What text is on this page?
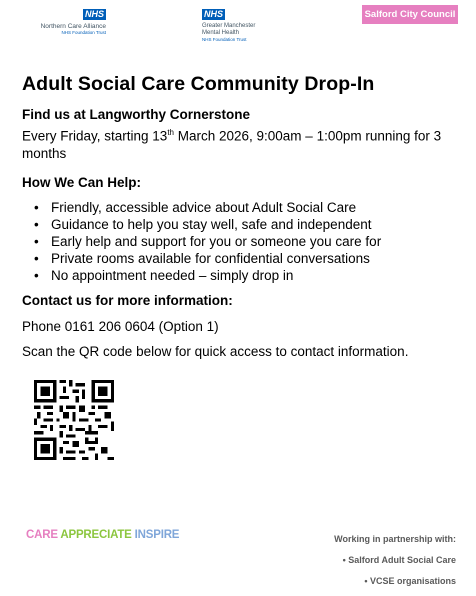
NHS
Northern Care Alliance
NHS Foundation Trust
NHS
Greater Manchester
Mental Health
NHS Foundation Trust
Salford City Council
Adult Social Care Community Drop-In

Find us at Langworthy Cornerstone

Every Friday, starting 13th March 2026, 9:00am – 1:00pm running for 3 months

How We Can Help:

• Friendly, accessible advice about Adult Social Care
• Guidance to help you stay well, safe and independent
• Early help and support for you or someone you care for
• Private rooms available for confidential conversations
• No appointment needed – simply drop in

Contact us for more information:

Phone 0161 206 0604 (Option 1)

Scan the QR code below for quick access to contact information.

CARE APPRECIATE INSPIRE	Working in partnership with:
• Salford Adult Social Care
• VCSE organisations
